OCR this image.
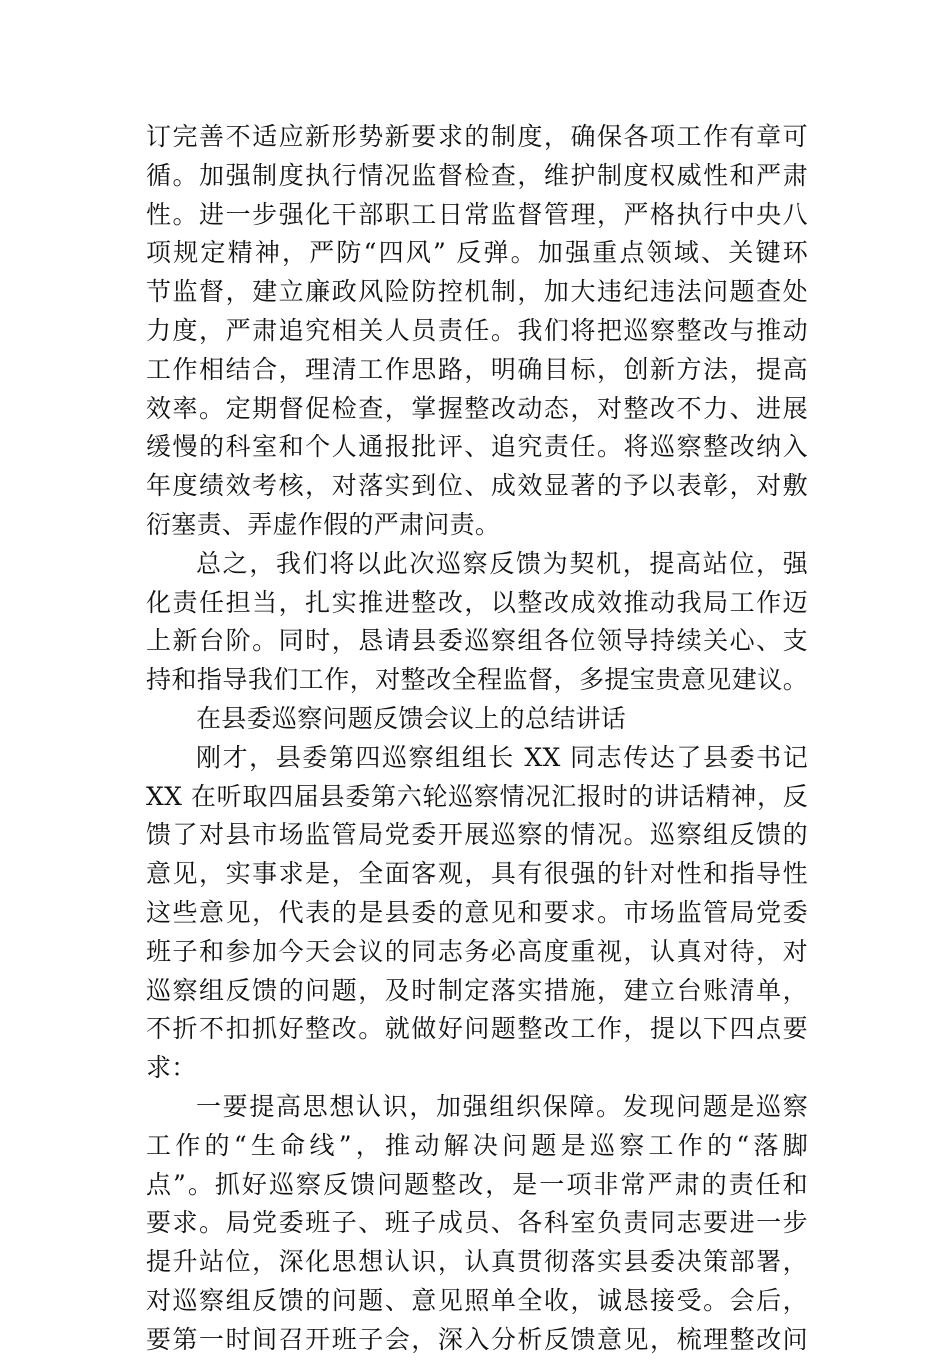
订完善不适应新形势新要求的制度，确保各项工作有章可
循。加强制度执行情况监督检查，维护制度权威性和严肃
性。进一步强化干部职工日常监督管理，严格执行中央八
项规定精神，严防“四风” 反弹。加强重点领域、关键环
节监督，建立廉政风险防控机制，加大违纪违法问题查处
力度，严肃追究相关人员责任。我们将把巡察整改与推动
工作相结合，理清工作思路，明确目标，创新方法，提高
效率。定期督促检查，掌握整改动态，对整改不力、进展
缓慢的科室和个人通报批评、追究责任。将巡察整改纳入
年度绩效考核，对落实到位、成效显著的予以表彰，对敷
衍塞责、弄虚作假的严肃问责。
总之，我们将以此次巡察反馈为契机，提高站位，强
化责任担当，扎实推进整改，以整改成效推动我局工作迈
上新台阶。同时，恳请县委巡察组各位领导持续关心、支
持和指导我们工作，对整改全程监督，多提宝贵意见建议。
在县委巡察问题反馈会议上的总结讲话
刚才，县委第四巡察组组长 XX 同志传达了县委书记
XX 在听取四届县委第六轮巡察情况汇报时的讲话精神，反
馈了对县市场监管局党委开展巡察的情况。巡察组反馈的
意见，实事求是，全面客观，具有很强的针对性和指导性
这些意见，代表的是县委的意见和要求。市场监管局党委
班子和参加今天会议的同志务必高度重视，认真对待，对
巡察组反馈的问题，及时制定落实措施，建立台账清单，
不折不扣抓好整改。就做好问题整改工作，提以下四点要
求：
一要提高思想认识，加强组织保障。发现问题是巡察
工作的“生命线”，推动解决问题是巡察工作的“落脚
点”。抓好巡察反馈问题整改，是一项非常严肃的责任和
要求。局党委班子、班子成员、各科室负责同志要进一步
提升站位，深化思想认识，认真贯彻落实县委决策部署，
对巡察组反馈的问题、意见照单全收，诚恳接受。会后，
要第一时间召开班子会，深入分析反馈意见，梳理整改问
